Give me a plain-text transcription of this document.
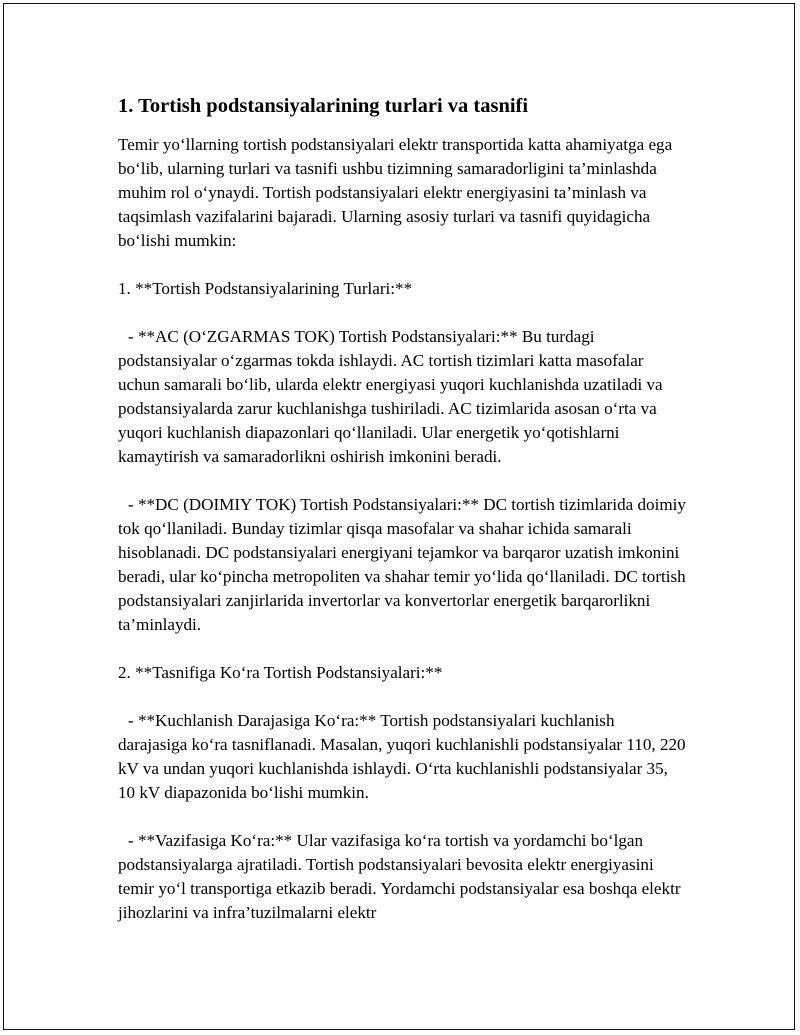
1. Tortish podstansiyalarining turlari va tasnifi

Temir yo‘llarning tortish podstansiyalari elektr transportida katta ahamiyatga ega bo‘lib, ularning turlari va tasnifi ushbu tizimning samaradorligini ta’minlashda muhim rol o‘ynaydi. Tortish podstansiyalari elektr energiyasini ta’minlash va taqsimlash vazifalarini bajaradi. Ularning asosiy turlari va tasnifi quyidagicha bo‘lishi mumkin:

1. **Tortish Podstansiyalarining Turlari:**

- **AC (O‘ZGARMAS TOK) Tortish Podstansiyalari:** Bu turdagi podstansiyalar o‘zgarmas tokda ishlaydi. AC tortish tizimlari katta masofalar uchun samarali bo‘lib, ularda elektr energiyasi yuqori kuchlanishda uzatiladi va podstansiyalarda zarur kuchlanishga tushiriladi. AC tizimlarida asosan o‘rta va yuqori kuchlanish diapazonlari qo‘llaniladi. Ular energetik yo‘qotishlarni kamaytirish va samaradorlikni oshirish imkonini beradi.

- **DC (DOIMIY TOK) Tortish Podstansiyalari:** DC tortish tizimlarida doimiy tok qo‘llaniladi. Bunday tizimlar qisqa masofalar va shahar ichida samarali hisoblanadi. DC podstansiyalari energiyani tejamkor va barqaror uzatish imkonini beradi, ular ko‘pincha metropoliten va shahar temir yo‘lida qo‘llaniladi. DC tortish podstansiyalari zanjirlarida invertorlar va konvertorlar energetik barqarorlikni ta’minlaydi.

2. **Tasnifiga Ko‘ra Tortish Podstansiyalari:**

- **Kuchlanish Darajasiga Ko‘ra:** Tortish podstansiyalari kuchlanish darajasiga ko‘ra tasniflanadi. Masalan, yuqori kuchlanishli podstansiyalar 110, 220 kV va undan yuqori kuchlanishda ishlaydi. O‘rta kuchlanishli podstansiyalar 35, 10 kV diapazonida bo‘lishi mumkin.

- **Vazifasiga Ko‘ra:** Ular vazifasiga ko‘ra tortish va yordamchi bo‘lgan podstansiyalarga ajratiladi. Tortish podstansiyalari bevosita elektr energiyasini temir yo‘l transportiga etkazib beradi. Yordamchi podstansiyalar esa boshqa elektr jihozlarini va infra’tuzilmalarni elektr
